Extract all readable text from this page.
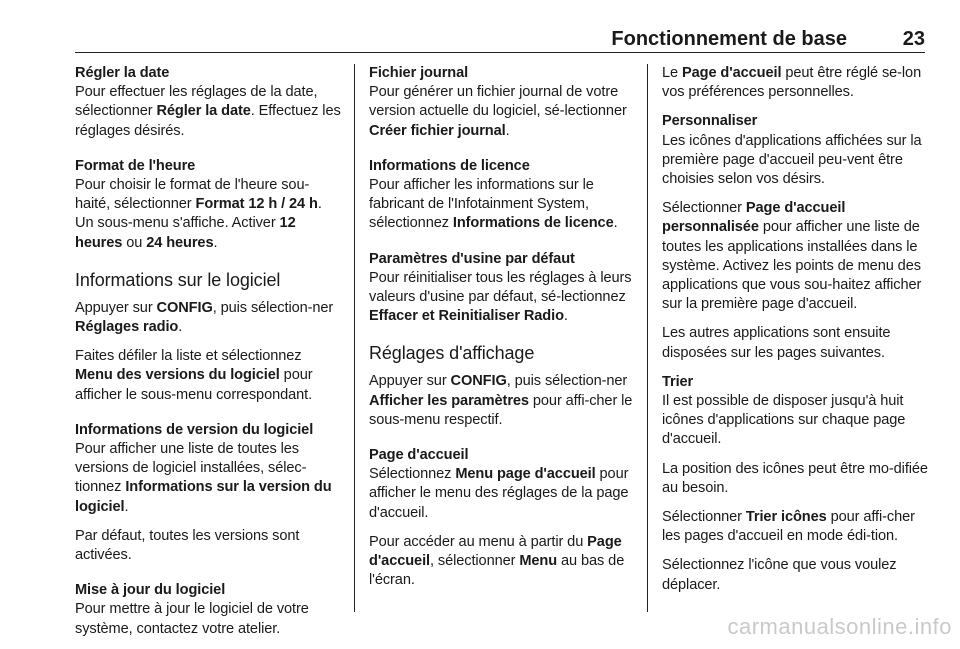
Fonctionnement de base	23
Régler la date

Pour effectuer les réglages de la date, sélectionner Régler la date. Effectuez les réglages désirés.

Format de l'heure

Pour choisir le format de l'heure sou-haité, sélectionner Format 12 h / 24 h. Un sous-menu s'affiche. Activer 12 heures ou 24 heures.

Informations sur le logiciel

Appuyer sur CONFIG, puis sélection-ner Réglages radio.

Faites défiler la liste et sélectionnez Menu des versions du logiciel pour afficher le sous-menu correspondant.

Informations de version du logiciel

Pour afficher une liste de toutes les versions de logiciel installées, sélec-tionnez Informations sur la version du logiciel.

Par défaut, toutes les versions sont activées.

Mise à jour du logiciel

Pour mettre à jour le logiciel de votre système, contactez votre atelier.

Fichier journal

Pour générer un fichier journal de votre version actuelle du logiciel, sé-lectionner Créer fichier journal.

Informations de licence

Pour afficher les informations sur le fabricant de l'Infotainment System, sélectionnez Informations de licence.

Paramètres d'usine par défaut

Pour réinitialiser tous les réglages à leurs valeurs d'usine par défaut, sé-lectionnez Effacer et Reinitialiser Radio.

Réglages d'affichage

Appuyer sur CONFIG, puis sélection-ner Afficher les paramètres pour affi-cher le sous-menu respectif.

Page d'accueil

Sélectionnez Menu page d'accueil pour afficher le menu des réglages de la page d'accueil.

Pour accéder au menu à partir du Page d'accueil, sélectionner Menu au bas de l'écran.

Le Page d'accueil peut être réglé se-lon vos préférences personnelles.

Personnaliser

Les icônes d'applications affichées sur la première page d'accueil peu-vent être choisies selon vos désirs.

Sélectionner Page d'accueil personnalisée pour afficher une liste de toutes les applications installées dans le système. Activez les points de menu des applications que vous sou-haitez afficher sur la première page d'accueil.

Les autres applications sont ensuite disposées sur les pages suivantes.

Trier

Il est possible de disposer jusqu'à huit icônes d'applications sur chaque page d'accueil.

La position des icônes peut être mo-difiée au besoin.

Sélectionner Trier icônes pour affi-cher les pages d'accueil en mode édi-tion.

Sélectionnez l'icône que vous voulez déplacer.

carmanualsonline.info
